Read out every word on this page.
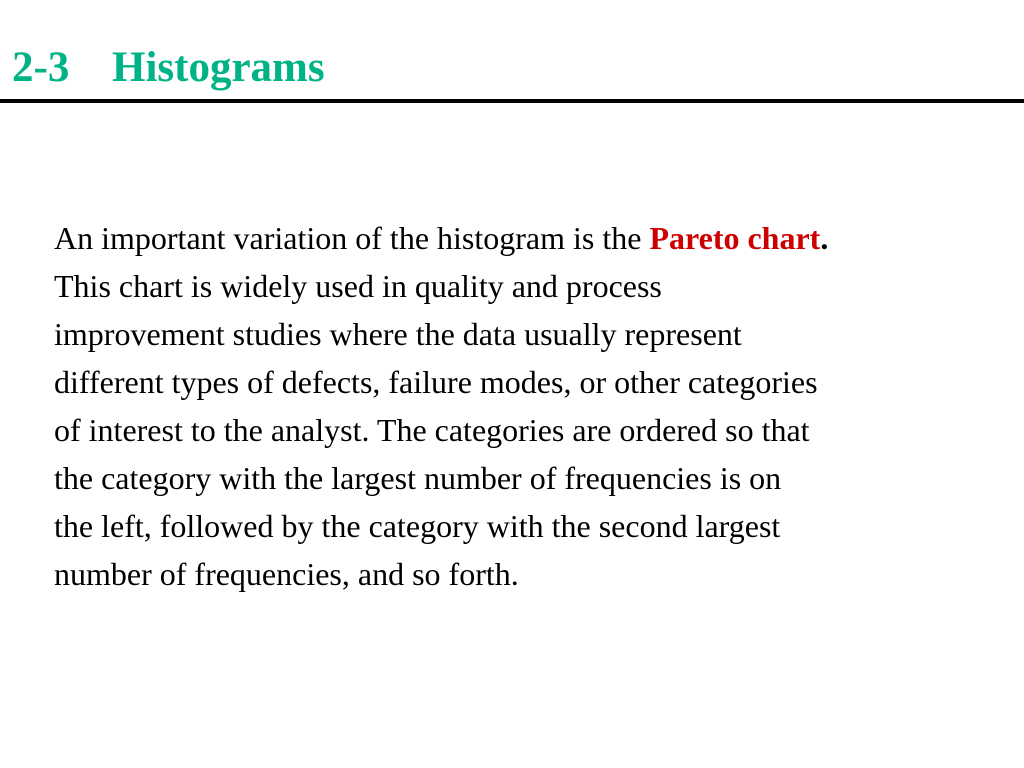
2-3 Histograms

An important variation of the histogram is the Pareto chart.
This chart is widely used in quality and process
improvement studies where the data usually represent
different types of defects, failure modes, or other categories
of interest to the analyst. The categories are ordered so that
the category with the largest number of frequencies is on
the left, followed by the category with the second largest
number of frequencies, and so forth.
